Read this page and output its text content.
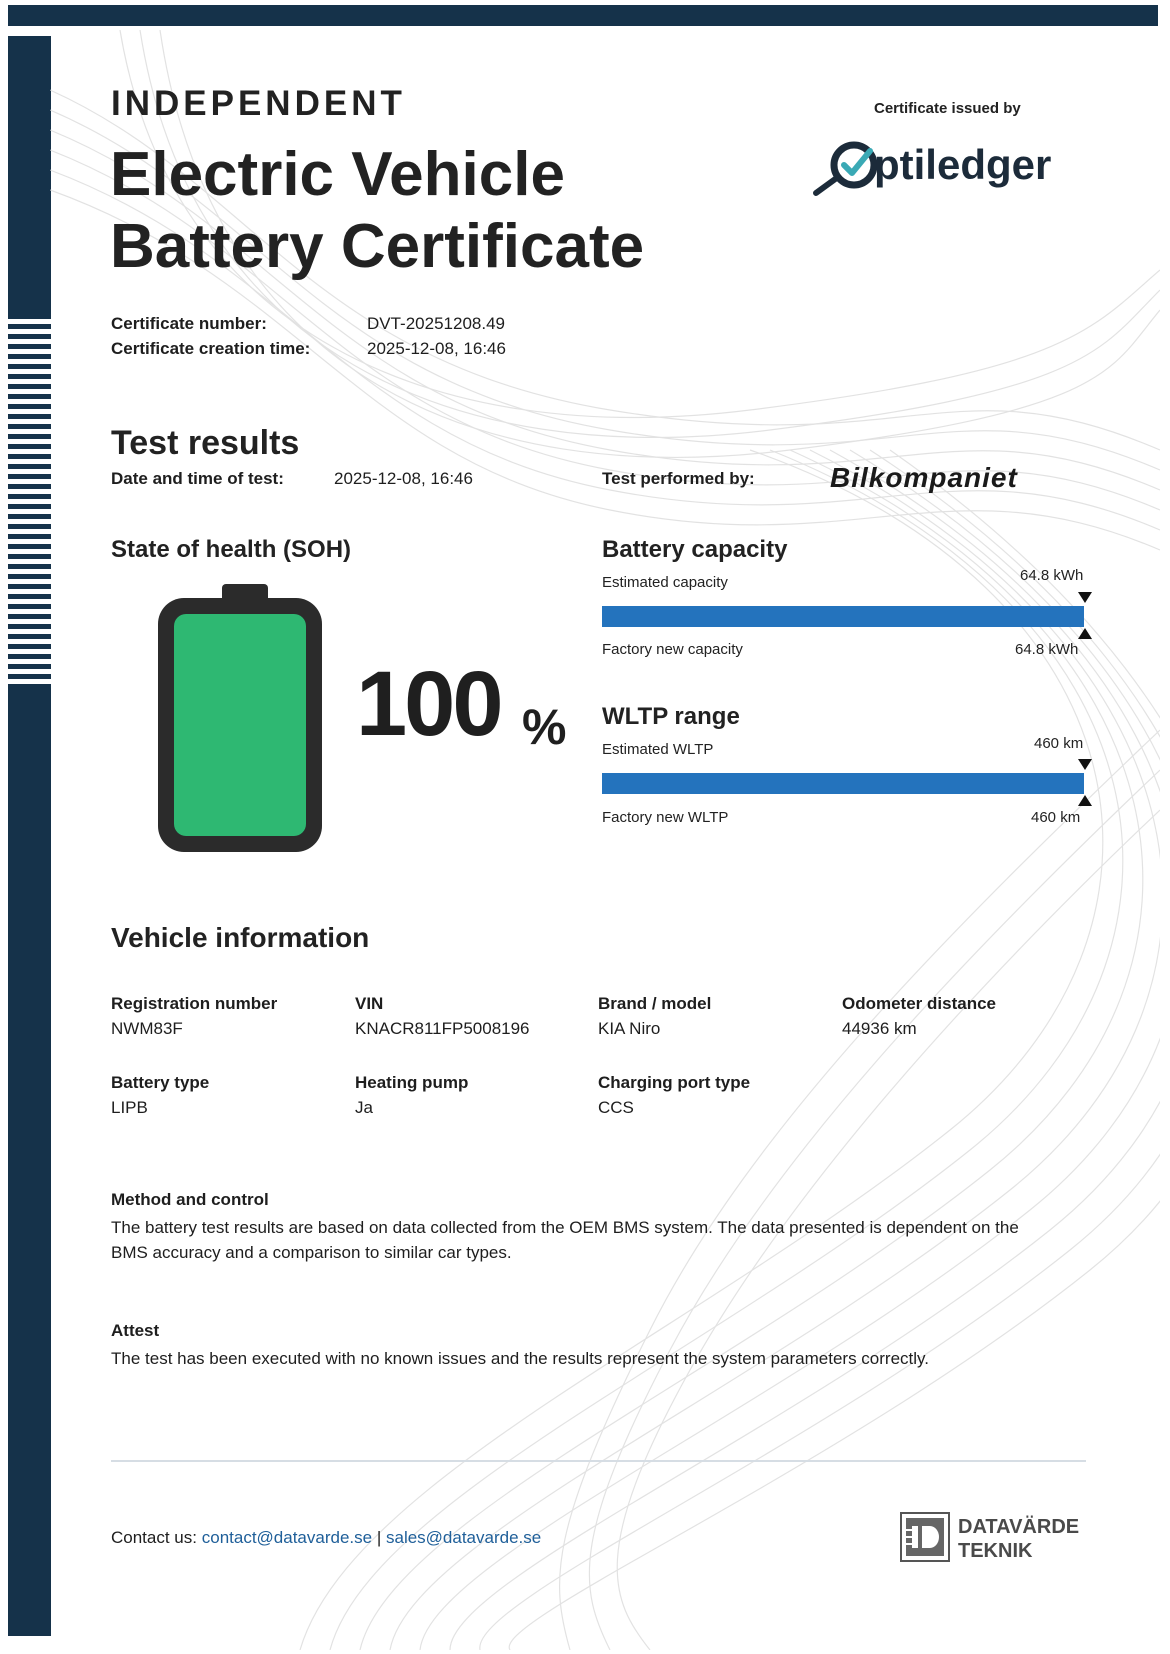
INDEPENDENT
Electric Vehicle
Battery Certificate
Certificate issued by
ptiledger
Certificate number:	DVT-20251208.49
Certificate creation time:	2025-12-08, 16:46
Test results
Date and time of test:	2025-12-08, 16:46	Test performed by:	Bilkompaniet
State of health (SOH)
100 %
Battery capacity
Estimated capacity	64.8 kWh
Factory new capacity	64.8 kWh
WLTP range
Estimated WLTP	460 km
Factory new WLTP	460 km
Vehicle information
Registration number
NWM83F
VIN
KNACR811FP5008196
Brand / model
KIA Niro
Odometer distance
44936 km
Battery type
LIPB
Heating pump
Ja
Charging port type
CCS
Method and control
The battery test results are based on data collected from the OEM BMS system. The data presented is dependent on the
BMS accuracy and a comparison to similar car types.
Attest
The test has been executed with no known issues and the results represent the system parameters correctly.
Contact us: contact@datavarde.se | sales@datavarde.se	DATAVÄRDE
TEKNIK
